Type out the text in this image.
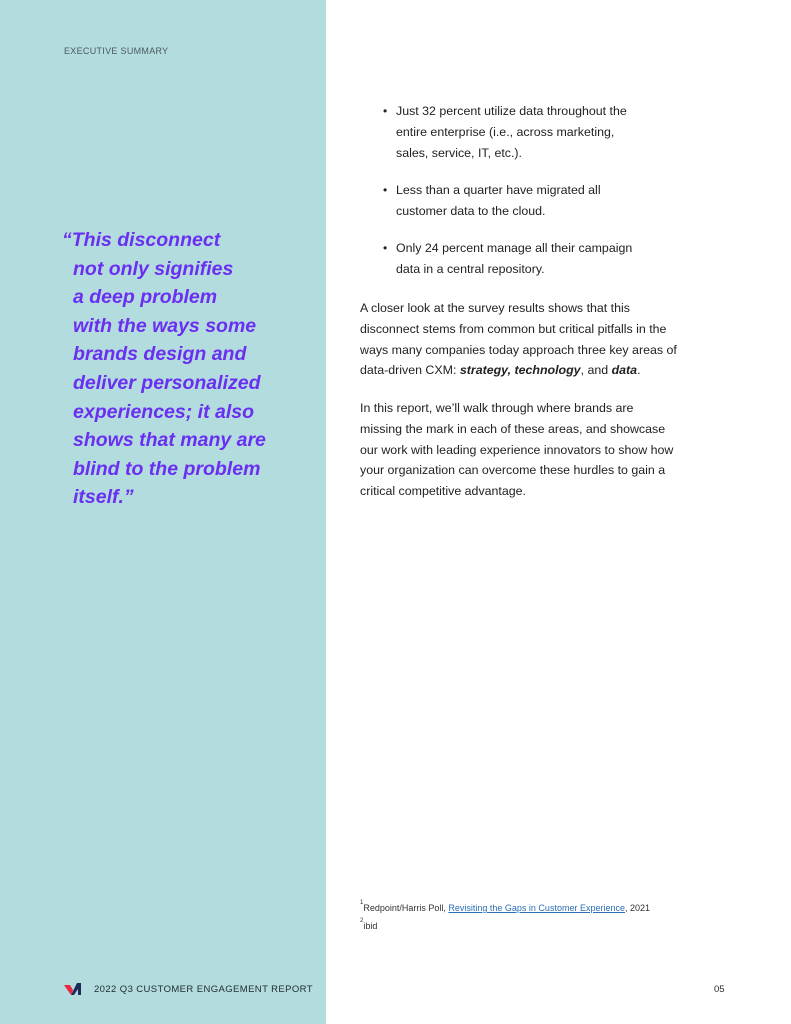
EXECUTIVE SUMMARY
“This disconnect
not only signifies
a deep problem
with the ways some
brands design and
deliver personalized
experiences; it also
shows that many are
blind to the problem
itself.”
• Just 32 percent utilize data throughout the
entire enterprise (i.e., across marketing,
sales, service, IT, etc.).
• Less than a quarter have migrated all
customer data to the cloud.
• Only 24 percent manage all their campaign
data in a central repository.

A closer look at the survey results shows that this
disconnect stems from common but critical pitfalls in the
ways many companies today approach three key areas of
data-driven CXM: strategy, technology, and data.

In this report, we’ll walk through where brands are
missing the mark in each of these areas, and showcase
our work with leading experience innovators to show how
your organization can overcome these hurdles to gain a
critical competitive advantage.

$^1$Redpoint/Harris Poll, Revisiting the Gaps in Customer Experience, 2021
$^2$ibid
2022 Q3 CUSTOMER ENGAGEMENT REPORT	05
